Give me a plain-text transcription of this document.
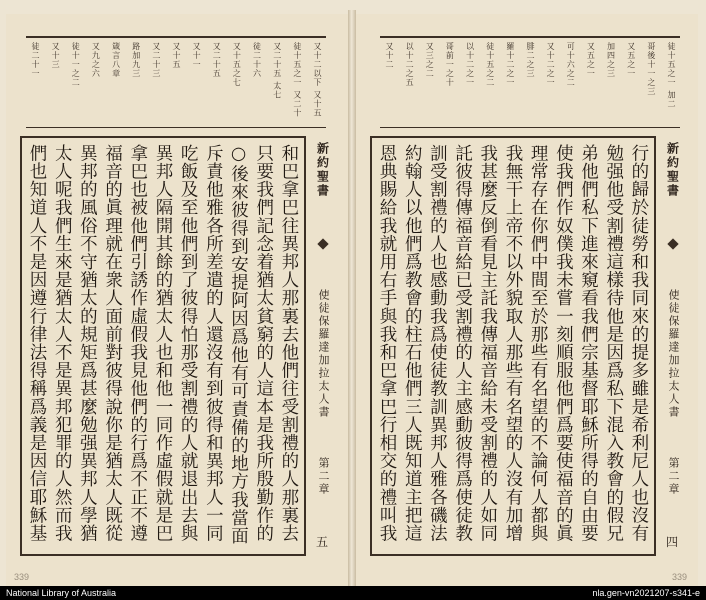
又十二以下 又十五
徒十五之一 又二十
又二十五 太七
徒二十六
又十五之七
又二十五
又十一
又十五
又二十三
路加九三
箴言八章
又九之六
徒十一之二
又十三
徒二十一
新約聖書
使徒保羅達加拉太人書
第二章
五
和巴拿巴往異邦人那裏去他們往受割禮的人那裏去
只要我們記念着猶太貧窮的人這本是我所殷勤作的
○後來彼得到安提阿因爲他有可責備的地方我當面
斥責他雅各所差遣的人還沒有到彼得和異邦人一同
吃飯及至他們到了彼得怕那受割禮的人就退出去與
異邦人隔開其餘的猶太人也和他一同作虛假就是巴
拿巴也被他們引誘作虛假我見他們的行爲不正不遵
福音的眞理就在衆人面前對彼得說你是猶太人既從
異邦的風俗不守猶太的規矩爲甚麼勉强異邦人學猶
太人呢我們生來是猶太人不是異邦犯罪的人然而我
們也知道人不是因遵行律法得稱爲義是因信耶穌基
徒十五之一 加二
哥後十一之三
又五之一
加四之三
又五之一
可十六之二
又十二之一
腓二之三
羅十二之一
徒十五之二
以十二之一
哥前一之十
又三之二
以十二之五
又十二
新約聖書
使徒保羅達加拉太人書
第二章
四
行的歸於徒勞和我同來的提多雖是希利尼人也沒有
勉强他受割禮這樣待他是因爲私下混入教會的假兄
弟他們私下進來窺看我們宗基督耶穌所得的自由要
使我們作奴僕我未嘗一刻順服他們爲要使福音的眞
理常存在你們中間至於那些有名望的不論何人都與
我無干上帝不以外貌取人那些有名望的人沒有加增
我甚麼反倒看見主託我傳福音給未受割禮的人如同
託彼得傳福音給已受割禮的人主感動彼得爲使徒教
訓受割禮的人也感動我爲使徒教訓異邦人雅各磯法
約翰人以他們爲教會的柱石他們三人既知道主把這
恩典賜給我就用右手與我和巴拿巴行相交的禮叫我
339	339
National Library of Australia	nla.gen-vn2021207-s341-e
